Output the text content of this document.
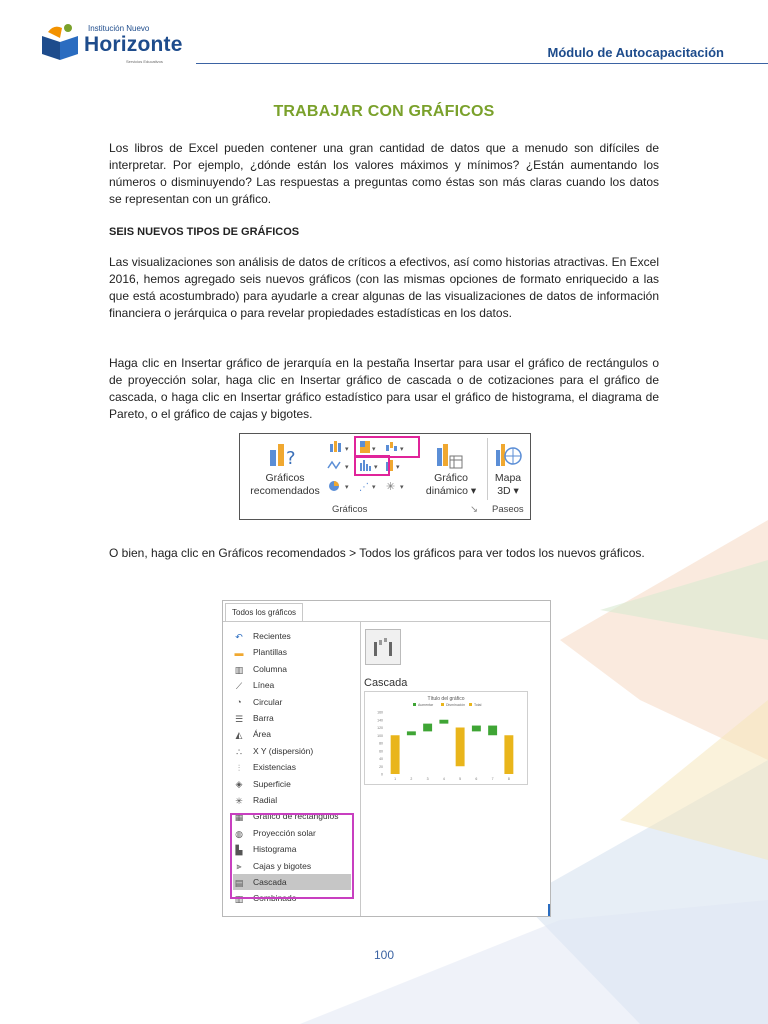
Institución Nuevo
Horizonte
Servicios Educativos
Módulo de Autocapacitación
TRABAJAR CON GRÁFICOS

Los libros de Excel pueden contener una gran cantidad de datos que a menudo son difíciles de interpretar. Por ejemplo, ¿dónde están los valores máximos y mínimos? ¿Están aumentando los números o disminuyendo? Las respuestas a preguntas como éstas son más claras cuando los datos se representan con un gráfico.

SEIS NUEVOS TIPOS DE GRÁFICOS

Las visualizaciones son análisis de datos de críticos a efectivos, así como historias atractivas. En Excel 2016, hemos agregado seis nuevos gráficos (con las mismas opciones de formato enriquecido a las que está acostumbrado) para ayudarle a crear algunas de las visualizaciones de datos de información financiera o jerárquica o para revelar propiedades estadísticas en los datos.

Haga clic en Insertar gráfico de jerarquía en la pestaña Insertar para usar el gráfico de rectángulos o de proyección solar, haga clic en Insertar gráfico de cascada o de cotizaciones para el gráfico de cascada, o haga clic en Insertar gráfico estadístico para usar el gráfico de histograma, el diagrama de Pareto, o el gráfico de cajas y bigotes.

?
Gráficos
recomendados
▾	▾	▾
▾	▾	▾
▾ ⋰ ▾ ✳ ▾
Gráfico
dinámico ▾
Mapa
3D ▾
Gráficos	↘ Paseos

O bien, haga clic en Gráficos recomendados > Todos los gráficos para ver todos los nuevos gráficos.

Todos los gráficos
↶ Recientes
▬ Plantillas
▥ Columna
⟋ Línea
◔ Circular
☰ Barra
◭ Área
∴ X Y (dispersión)
⫶ Existencias
◈ Superficie
✳ Radial
▦ Gráfico de rectángulos
◍ Proyección solar
▙ Histograma
⫸ Cajas y bigotes
▤ Cascada
▥ Combinado
Cascada
Título del gráfico
Aumentar	Disminución	Total
160
140
120
100
80
60
40
20
0
1	2	3	4	5	6	7	8
100
